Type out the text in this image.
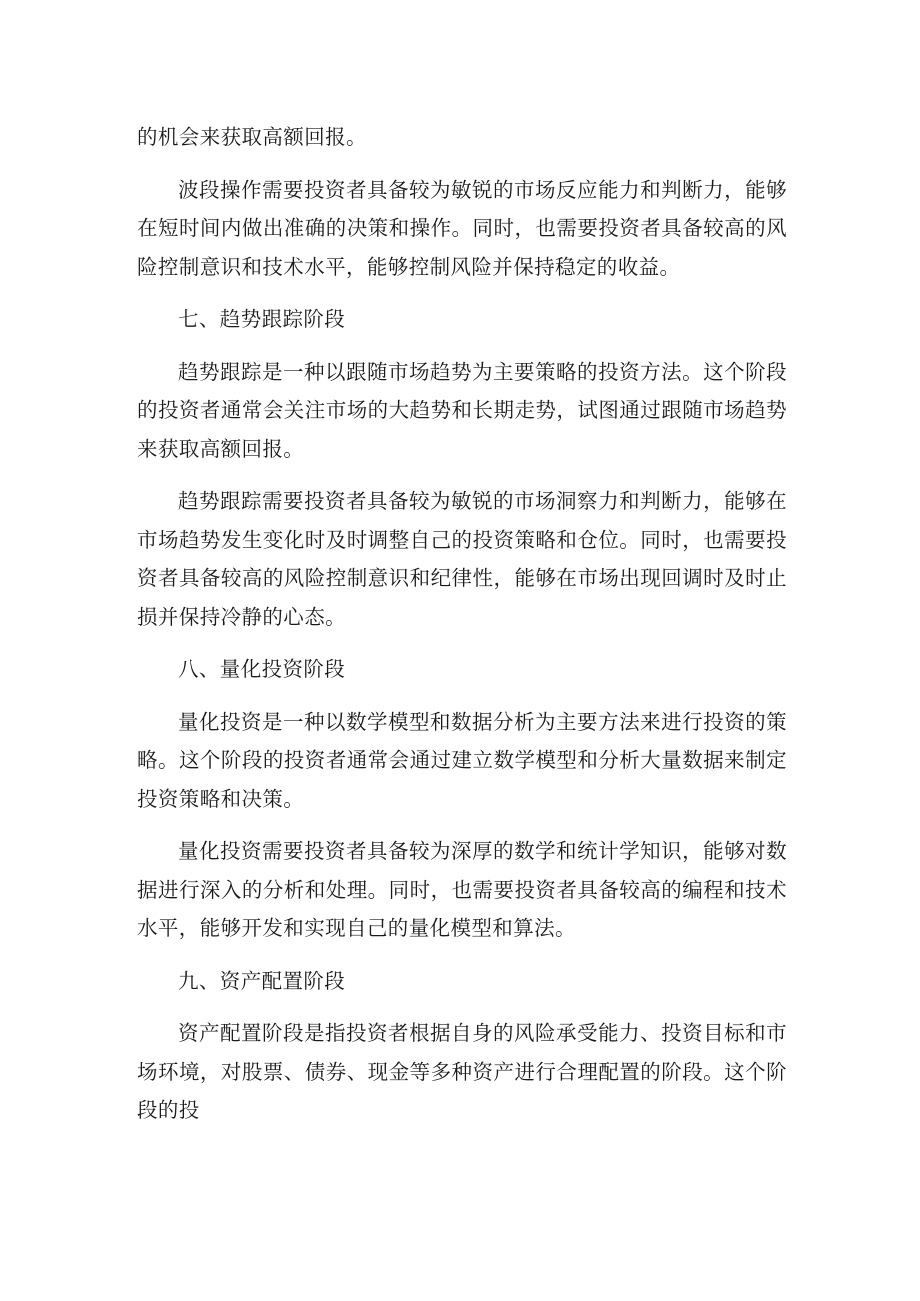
的机会来获取高额回报。

波段操作需要投资者具备较为敏锐的市场反应能力和判断力，能够在短时间内做出准确的决策和操作。同时，也需要投资者具备较高的风险控制意识和技术水平，能够控制风险并保持稳定的收益。

七、趋势跟踪阶段

趋势跟踪是一种以跟随市场趋势为主要策略的投资方法。这个阶段的投资者通常会关注市场的大趋势和长期走势，试图通过跟随市场趋势来获取高额回报。

趋势跟踪需要投资者具备较为敏锐的市场洞察力和判断力，能够在市场趋势发生变化时及时调整自己的投资策略和仓位。同时，也需要投资者具备较高的风险控制意识和纪律性，能够在市场出现回调时及时止损并保持冷静的心态。

八、量化投资阶段

量化投资是一种以数学模型和数据分析为主要方法来进行投资的策略。这个阶段的投资者通常会通过建立数学模型和分析大量数据来制定投资策略和决策。

量化投资需要投资者具备较为深厚的数学和统计学知识，能够对数据进行深入的分析和处理。同时，也需要投资者具备较高的编程和技术水平，能够开发和实现自己的量化模型和算法。

九、资产配置阶段

资产配置阶段是指投资者根据自身的风险承受能力、投资目标和市场环境，对股票、债券、现金等多种资产进行合理配置的阶段。这个阶段的投
